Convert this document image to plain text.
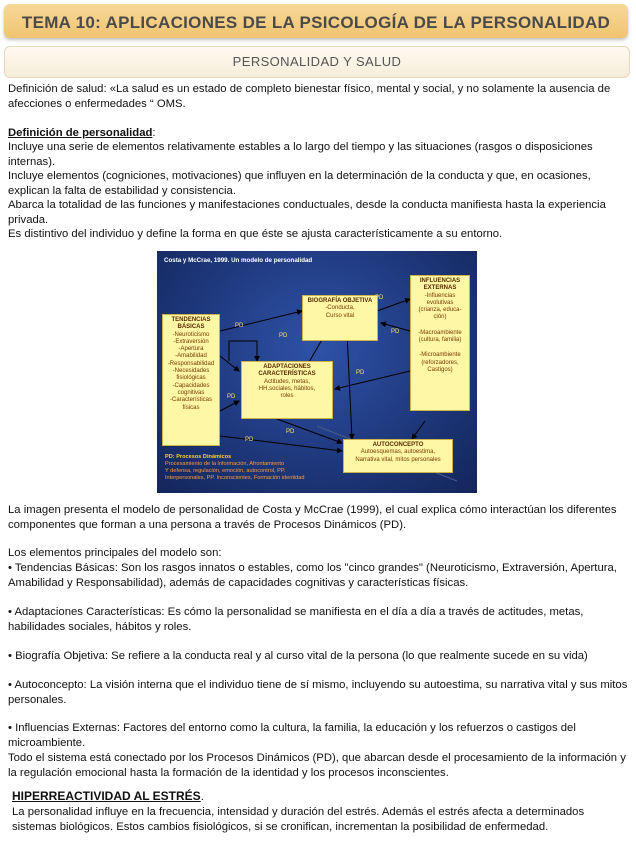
TEMA 10: APLICACIONES DE LA PSICOLOGÍA DE LA PERSONALIDAD
PERSONALIDAD Y SALUD

Definición de salud: «La salud es un estado de completo bienestar físico, mental y social, y no solamente la ausencia de afecciones o enfermedades “ OMS.

Definición de personalidad:

Incluye una serie de elementos relativamente estables a lo largo del tiempo y las situaciones (rasgos o disposiciones internas).

Incluye elementos (cogniciones, motivaciones) que influyen en la determinación de la conducta y que, en ocasiones, explican la falta de estabilidad y consistencia.

Abarca la totalidad de las funciones y manifestaciones conductuales, desde la conducta manifiesta hasta la experiencia privada.

Es distintivo del individuo y define la forma en que éste se ajusta característicamente a su entorno.

Costa y McCrae, 1999. Un modelo de personalidad
TENDENCIAS BÁSICAS
-Neuroticismo
-Extraversión
-Apertura
-Amabilidad
-Responsabilidad
-Necesidades fisiológicas
-Capacidades cognitivas
-Características físicas
BIOGRAFÍA OBJETIVA
-Conducta,
Curso vital
ADAPTACIONES CARACTERÍSTICAS
Actitudes, metas,
HH.sociales, hábitos,
roles
INFLUENCIAS EXTERNAS
-Influencias evolutivas
(crianza, educa-ción)
-Macroambiente (cultura, familia)
-Microambiente (reforzadores, Castigos)
AUTOCONCEPTO
Autoesquemas, autoestima,
Narrativa vital, mitos personales
PD
PD
PD
PD
PD
PD
PD
PD
PD: Procesos Dinámicos
Procesamiento de la información, Afrontamiento
Y defensa, regulación, emoción, autocontrol, PP.
Interpersonales, PP. Inconscientes, Formación identidad

La imagen presenta el modelo de personalidad de Costa y McCrae (1999), el cual explica cómo interactúan los diferentes componentes que forman a una persona a través de Procesos Dinámicos (PD).

Los elementos principales del modelo son:

• Tendencias Básicas: Son los rasgos innatos o estables, como los "cinco grandes" (Neuroticismo, Extraversión, Apertura, Amabilidad y Responsabilidad), además de capacidades cognitivas y características físicas.

• Adaptaciones Características: Es cómo la personalidad se manifiesta en el día a día a través de actitudes, metas, habilidades sociales, hábitos y roles.

• Biografía Objetiva: Se refiere a la conducta real y al curso vital de la persona (lo que realmente sucede en su vida)

• Autoconcepto: La visión interna que el individuo tiene de sí mismo, incluyendo su autoestima, su narrativa vital y sus mitos personales.

• Influencias Externas: Factores del entorno como la cultura, la familia, la educación y los refuerzos o castigos del microambiente.

Todo el sistema está conectado por los Procesos Dinámicos (PD), que abarcan desde el procesamiento de la información y la regulación emocional hasta la formación de la identidad y los procesos inconscientes.

HIPERREACTIVIDAD AL ESTRÉS.

La personalidad influye en la frecuencia, intensidad y duración del estrés. Además el estrés afecta a determinados sistemas biológicos. Estos cambios fisiológicos, si se cronifican, incrementan la posibilidad de enfermedad.
